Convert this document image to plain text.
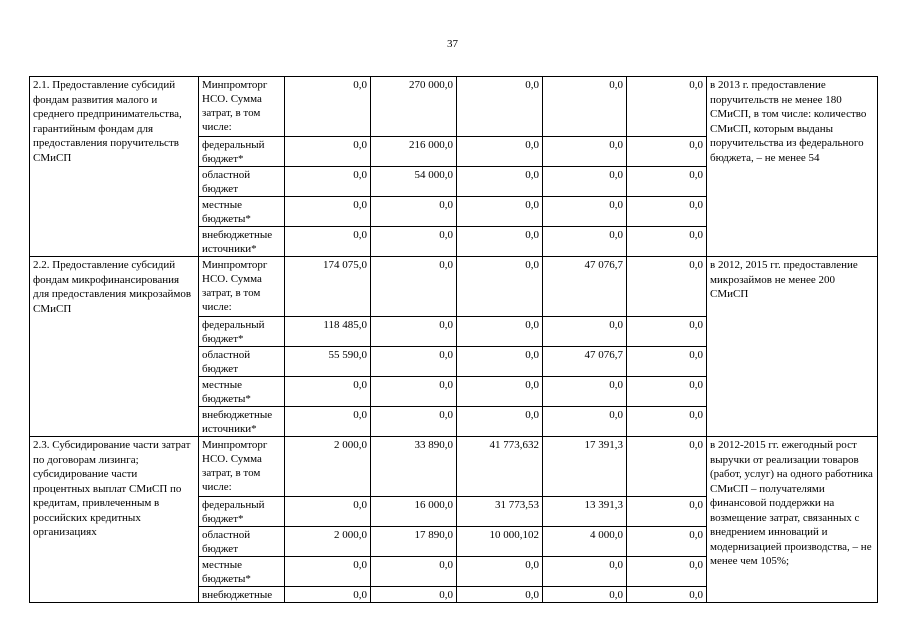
37
2.1. Предоставление субсидий фондам развития малого и среднего предпринимательства, гарантийным фондам для предоставления поручительств СМиСП	Минпромторг НСО. Сумма затрат, в том числе:	0,0	270 000,0	0,0	0,0	0,0	в 2013 г. предоставление поручительств не менее 180 СМиСП, в том числе: количество СМиСП, которым выданы поручительства из федерального бюджета, – не менее 54
	федеральный бюджет*	0,0	216 000,0	0,0	0,0	0,0	
	областной бюджет	0,0	54 000,0	0,0	0,0	0,0	
	местные бюджеты*	0,0	0,0	0,0	0,0	0,0	
	внебюджетные источники*	0,0	0,0	0,0	0,0	0,0	
2.2. Предоставление субсидий фондам микрофинансирования для предоставления микрозаймов СМиСП	Минпромторг НСО. Сумма затрат, в том числе:	174 075,0	0,0	0,0	47 076,7	0,0	в 2012, 2015 гг. предоставление микрозаймов не менее 200 СМиСП
	федеральный бюджет*	118 485,0	0,0	0,0	0,0	0,0	
	областной бюджет	55 590,0	0,0	0,0	47 076,7	0,0	
	местные бюджеты*	0,0	0,0	0,0	0,0	0,0	
	внебюджетные источники*	0,0	0,0	0,0	0,0	0,0	
2.3. Субсидирование части затрат по договорам лизинга; субсидирование части процентных выплат СМиСП по кредитам, привлеченным в российских кредитных организациях	Минпромторг НСО. Сумма затрат, в том числе:	2 000,0	33 890,0	41 773,632	17 391,3	0,0	в 2012-2015 гг. ежегодный рост выручки от реализации товаров (работ, услуг) на одного работника СМиСП – получателями финансовой поддержки на возмещение затрат, связанных с внедрением инноваций и модернизацией производства, – не менее чем 105%;
	федеральный бюджет*	0,0	16 000,0	31 773,53	13 391,3	0,0	
	областной бюджет	2 000,0	17 890,0	10 000,102	4 000,0	0,0	
	местные бюджеты*	0,0	0,0	0,0	0,0	0,0	
	внебюджетные	0,0	0,0	0,0	0,0	0,0	
